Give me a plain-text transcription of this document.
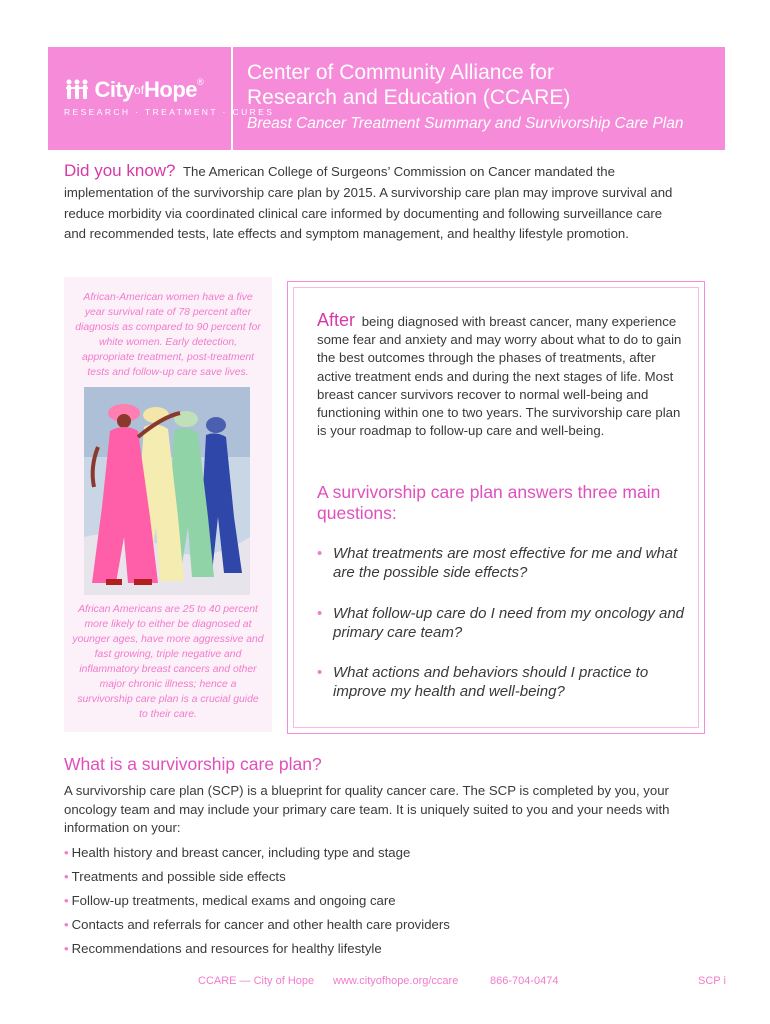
CityofHope®
RESEARCH · TREATMENT · CURES
Center of Community Alliance for
Research and Education (CCARE)
Breast Cancer Treatment Summary and Survivorship Care Plan
Did you know? The American College of Surgeons’ Commission on Cancer mandated the implementation of the survivorship care plan by 2015. A survivorship care plan may improve survival and reduce morbidity via coordinated clinical care informed by documenting and following surveillance care and recommended tests, late effects and symptom management, and healthy lifestyle promotion.
African-American women have a five year survival rate of 78 percent after diagnosis as compared to 90 percent for white women. Early detection, appropriate treatment, post-treatment tests and follow-up care save lives.
African Americans are 25 to 40 percent more likely to either be diagnosed at younger ages, have more aggressive and fast growing, triple negative and inflammatory breast cancers and other major chronic illness; hence a survivorship care plan is a crucial guide to their care.
After being diagnosed with breast cancer, many experience some fear and anxiety and may worry about what to do to gain the best outcomes through the phases of treatments, after active treatment ends and during the next stages of life. Most breast cancer survivors recover to normal well-being and functioning within one to two years. The survivorship care plan is your roadmap to follow-up care and well-being.
A survivorship care plan answers three main questions:
• What treatments are most effective for me and what are the possible side effects?
• What follow-up care do I need from my oncology and primary care team?
• What actions and behaviors should I practice to improve my health and well-being?
What is a survivorship care plan?
A survivorship care plan (SCP) is a blueprint for quality cancer care. The SCP is completed by you, your oncology team and may include your primary care team. It is uniquely suited to you and your needs with information on your:
• Health history and breast cancer, including type and stage
• Treatments and possible side effects
• Follow-up treatments, medical exams and ongoing care
• Contacts and referrals for cancer and other health care providers
• Recommendations and resources for healthy lifestyle
CCARE — City of Hope www.cityofhope.org/ccare	866-704-0474	SCP i
